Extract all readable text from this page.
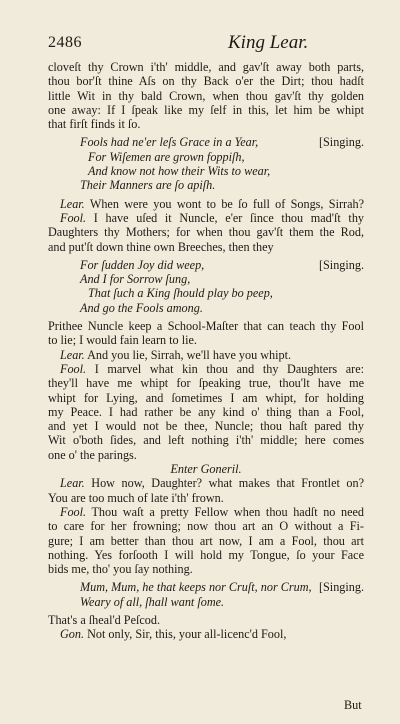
2486	King Lear.
cloveſt thy Crown i'th' middle, and gav'ſt away both parts,
thou bor'ſt thine Aſs on thy Back o'er the Dirt; thou hadſt
little Wit in thy bald Crown, when thou gav'ſt thy golden
one away: If I ſpeak like my ſelf in this, let him be whipt
that firſt finds it ſo.
Fools had ne'er leſs Grace in a Year,	[Singing.
For Wiſemen are grown foppiſh,
And know not how their Wits to wear,
Their Manners are ſo apiſh.
Lear. When were you wont to be ſo full of Songs, Sirrah?
Fool. I have uſed it Nuncle, e'er ſince thou mad'ſt thy
Daughters thy Mothers; for when thou gav'ſt them the Rod,
and put'ſt down thine own Breeches, then they
For ſudden Joy did weep,	[Singing.
And I for Sorrow ſung,
That ſuch a King ſhould play bo peep,
And go the Fools among.
Prithee Nuncle keep a School-Maſter that can teach thy Fool
to lie; I would fain learn to lie.
Lear. And you lie, Sirrah, we'll have you whipt.
Fool. I marvel what kin thou and thy Daughters are:
they'll have me whipt for ſpeaking true, thou'lt have me
whipt for Lying, and ſometimes I am whipt, for holding
my Peace. I had rather be any kind o' thing than a Fool,
and yet I would not be thee, Nuncle; thou haſt pared thy
Wit o'both ſides, and left nothing i'th' middle; here comes
one o' the parings.
Enter Goneril.
Lear. How now, Daughter? what makes that Frontlet on?
You are too much of late i'th' frown.
Fool. Thou waſt a pretty Fellow when thou hadſt no need
to care for her frowning; now thou art an O without a Fi-
gure; I am better than thou art now, I am a Fool, thou art
nothing. Yes forſooth I will hold my Tongue, ſo your Face
bids me, tho' you ſay nothing.
Mum, Mum, he that keeps nor Cruſt, nor Crum, [Singing.
Weary of all, ſhall want ſome.
That's a ſheal'd Peſcod.
Gon. Not only, Sir, this, your all-licenc'd Fool,
But
